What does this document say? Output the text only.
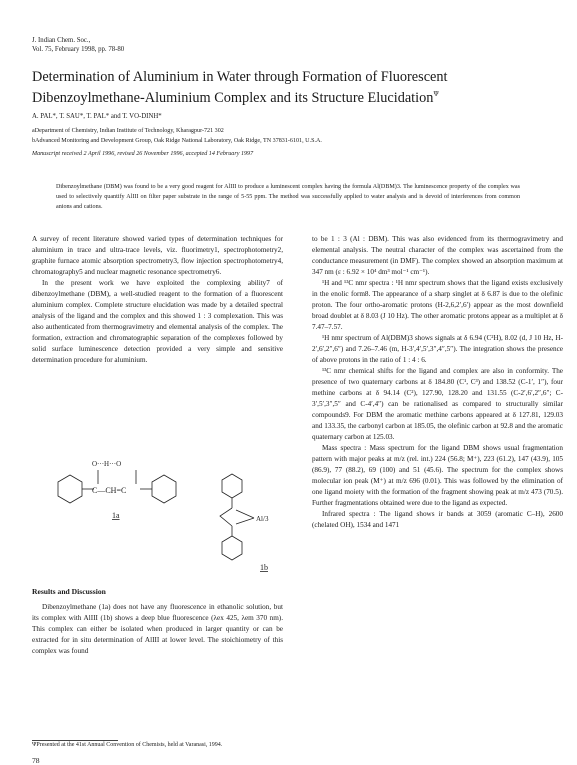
J. Indian Chem. Soc.,
Vol. 75, February 1998, pp. 78-80
Determination of Aluminium in Water through Formation of Fluorescent
Dibenzoylmethane-Aluminium Complex and its Structure Elucidation$^\Psi$
A. PAL*, T. SAU*, T. PAL* and T. VO-DINH*
aDepartment of Chemistry, Indian Institute of Technology, Kharagpur-721 302
bAdvanced Monitoring and Development Group, Oak Ridge National Laboratory, Oak Ridge, TN 37831-6101, U.S.A.
Manuscript received 2 April 1996, revised 26 November 1996, accepted 14 February 1997
Dibenzoylmethane (DBM) was found to be a very good reagent for AlIII to produce a luminescent complex having the formula Al(DBM)3. The luminescence property of the complex was used to selectively quantify AlIII on filter paper substrate in the range of 5-55 ppm. The method was successfully applied to water analysis and is devoid of interferences from common anions and cations.

A survey of recent literature showed varied types of determination techniques for aluminium in trace and ultra-trace levels, viz. fluorimetry1, spectrophotometry2, graphite furnace atomic absorption spectrometry3, flow injection spectrophotometry4, chromatography5 and nuclear magnetic resonance spectrometry6.

In the present work we have exploited the complexing ability7 of dibenzoylmethane (DBM), a well-studied reagent to the formation of a fluorescent aluminium complex. Complete structure elucidation was made by a detailed spectral analysis of the ligand and the complex and this showed 1 : 3 complexation. This was also authenticated from thermogravimetry and elemental analysis of the complex. The formation, extraction and chromatographic separation of the complexes followed by solid surface luminescence detection provided a very simple and sensitive determination procedure for aluminium.

C—CH=C
O···H···O
Al/3
1a
1b
Results and Discussion

Dibenzoylmethane (1a) does not have any fluorescence in ethanolic solution, but its complex with AlIII (1b) shows a deep blue fluorescence (λex 425, λem 370 nm). This complex can either be isolated when produced in larger quantity or can be extracted for in situ determination of AlIII at lower level. The stoichiometry of this complex was found

to be 1 : 3 (Al : DBM). This was also evidenced from its thermogravimetry and elemental analysis. The neutral character of the complex was ascertained from the conductance measurement (in DMF). The complex showed an absorption maximum at 347 nm (ε : 6.92 × 10⁴ dm³ mol⁻¹ cm⁻¹).

¹H and ¹³C nmr spectra : ¹H nmr spectrum shows that the ligand exists exclusively in the enolic form8. The appearance of a sharp singlet at δ 6.87 is due to the olefinic proton. The four ortho-aromatic protons (H-2,6,2′,6′) appear as the most downfield broad doublet at δ 8.03 (J 10 Hz). The other aromatic protons appear as a multiplet at δ 7.47–7.57.

¹H nmr spectrum of Al(DBM)3 shows signals at δ 6.94 (C²H), 8.02 (d, J 10 Hz, H-2′,6′,2″,6″) and 7.26–7.46 (m, H-3′,4′,5′,3″,4″,5″). The integration shows the presence of above protons in the ratio of 1 : 4 : 6.

¹³C nmr chemical shifts for the ligand and complex are also in conformity. The presence of two quaternary carbons at δ 184.80 (C¹, C³) and 138.52 (C-1′, 1″), four methine carbons at δ 94.14 (C²), 127.90, 128.20 and 131.55 (C-2′,6′,2″,6″; C-3′,5′,3″,5″ and C-4′,4″) can be rationalised as compared to structurally similar compounds9. For DBM the aromatic methine carbons appeared at δ 127.81, 129.03 and 133.35, the carbonyl carbon at 185.05, the olefinic carbon at 92.8 and the aromatic quaternary carbon at 125.03.

Mass spectra : Mass spectrum for the ligand DBM shows usual fragmentation pattern with major peaks at m/z (rel. int.) 224 (56.8; M⁺), 223 (61.2), 147 (43.9), 105 (86.9), 77 (88.2), 69 (100) and 51 (45.6). The spectrum for the complex shows molecular ion peak (M⁺) at m/z 696 (0.01). This was followed by the elimination of one ligand moiety with the formation of the fragment showing peak at m/z 473 (70.5). Further fragmentations obtained were due to the ligand as expected.

Infrared spectra : The ligand shows ir bands at 3059 (aromatic C–H), 2600 (chelated OH), 1534 and 1471

ΨPresented at the 41st Annual Convention of Chemists, held at Varanasi, 1994.
78
